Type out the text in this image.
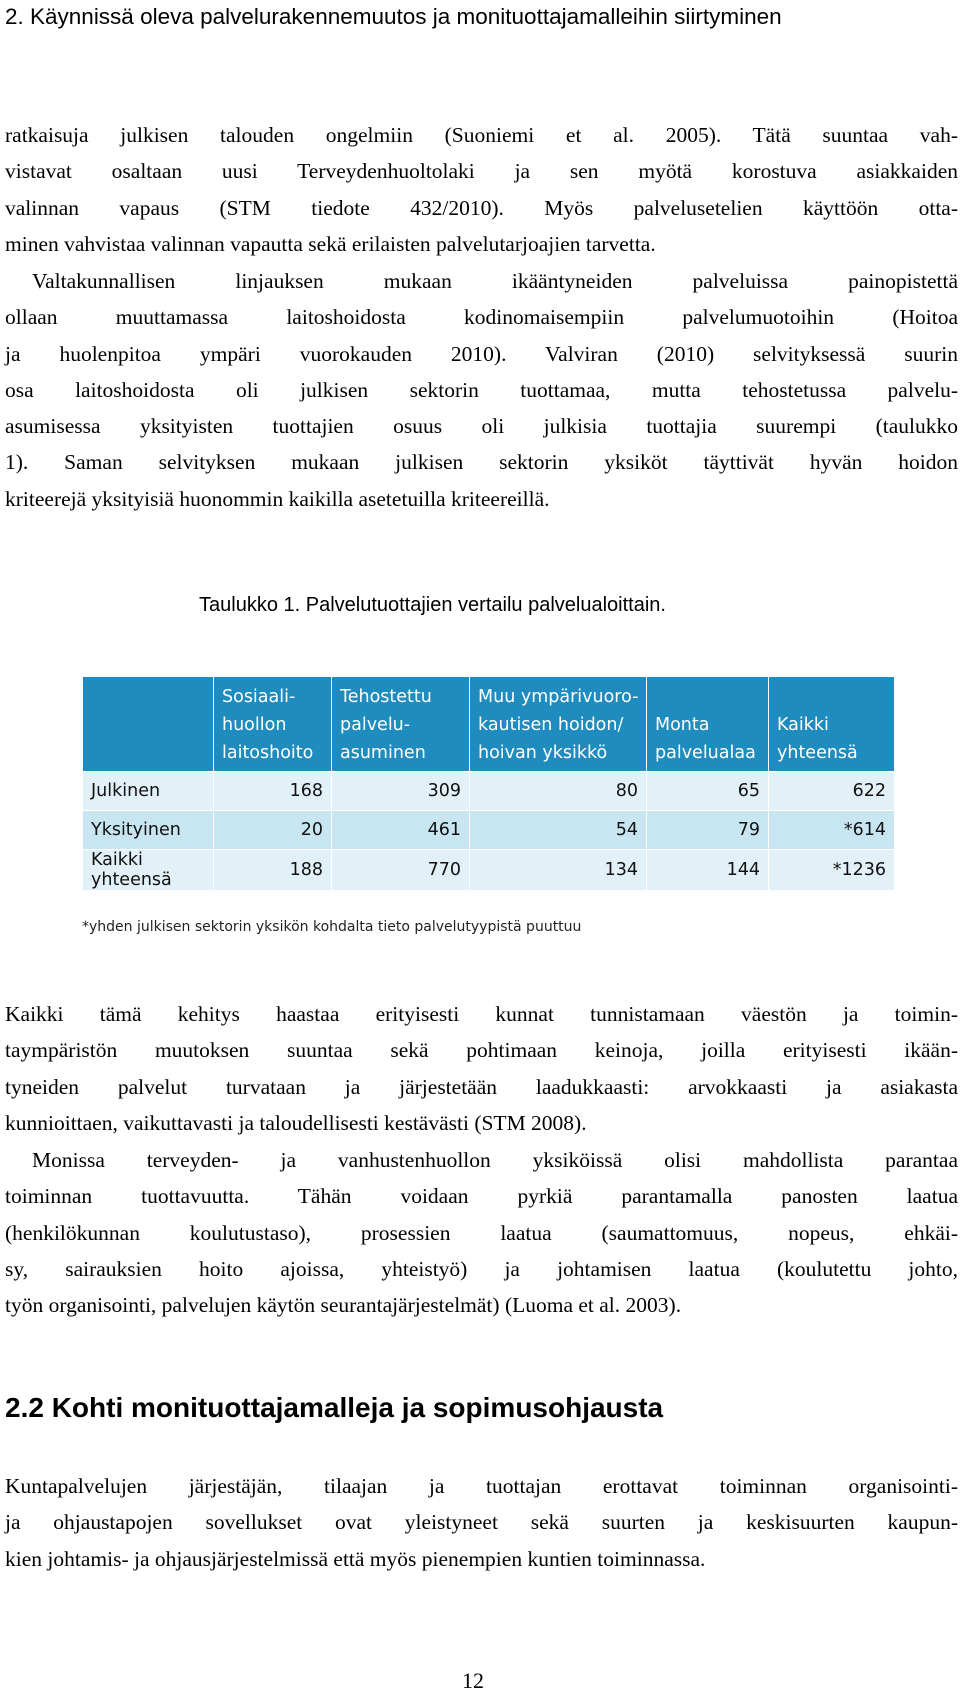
2. Käynnissä oleva palvelurakennemuutos ja monituottajamalleihin siirtyminen
ratkaisuja julkisen talouden ongelmiin (Suoniemi et al. 2005). Tätä suuntaa vah-
vistavat osaltaan uusi Terveydenhuoltolaki ja sen myötä korostuva asiakkaiden
valinnan vapaus (STM tiedote 432/2010). Myös palvelusetelien käyttöön otta-
minen vahvistaa valinnan vapautta sekä erilaisten palvelutarjoajien tarvetta.
Valtakunnallisen linjauksen mukaan ikääntyneiden palveluissa painopistettä
ollaan muuttamassa laitoshoidosta kodinomaisempiin palvelumuotoihin (Hoitoa
ja huolenpitoa ympäri vuorokauden 2010). Valviran (2010) selvityksessä suurin
osa laitoshoidosta oli julkisen sektorin tuottamaa, mutta tehostetussa palvelu-
asumisessa yksityisten tuottajien osuus oli julkisia tuottajia suurempi (taulukko
1). Saman selvityksen mukaan julkisen sektorin yksiköt täyttivät hyvän hoidon
kriteerejä yksityisiä huonommin kaikilla asetetuilla kriteereillä.
Taulukko 1. Palvelutuottajien vertailu palvelualoittain.

	Sosiaali-
huollon
laitoshoito	Tehostettu
palvelu-
asuminen	Muu ympärivuoro-
kautisen hoidon/
hoivan yksikkö	Monta
palvelualaa	Kaikki
yhteensä

Julkinen	168	309	80	65	622
Yksityinen	20	461	54	79	*614
Kaikki yhteensä	188	770	134	144	*1236
*yhden julkisen sektorin yksikön kohdalta tieto palvelutyypistä puuttuu
Kaikki tämä kehitys haastaa erityisesti kunnat tunnistamaan väestön ja toimin-
taympäristön muutoksen suuntaa sekä pohtimaan keinoja, joilla erityisesti ikään-
tyneiden palvelut turvataan ja järjestetään laadukkaasti: arvokkaasti ja asiakasta
kunnioittaen, vaikuttavasti ja taloudellisesti kestävästi (STM 2008).
Monissa terveyden- ja vanhustenhuollon yksiköissä olisi mahdollista parantaa
toiminnan tuottavuutta. Tähän voidaan pyrkiä parantamalla panosten laatua
(henkilökunnan koulutustaso), prosessien laatua (saumattomuus, nopeus, ehkäi-
sy, sairauksien hoito ajoissa, yhteistyö) ja johtamisen laatua (koulutettu johto,
työn organisointi, palvelujen käytön seurantajärjestelmät) (Luoma et al. 2003).
2.2 Kohti monituottajamalleja ja sopimusohjausta
Kuntapalvelujen järjestäjän, tilaajan ja tuottajan erottavat toiminnan organisointi-
ja ohjaustapojen sovellukset ovat yleistyneet sekä suurten ja keskisuurten kaupun-
kien johtamis- ja ohjausjärjestelmissä että myös pienempien kuntien toiminnassa.
12
